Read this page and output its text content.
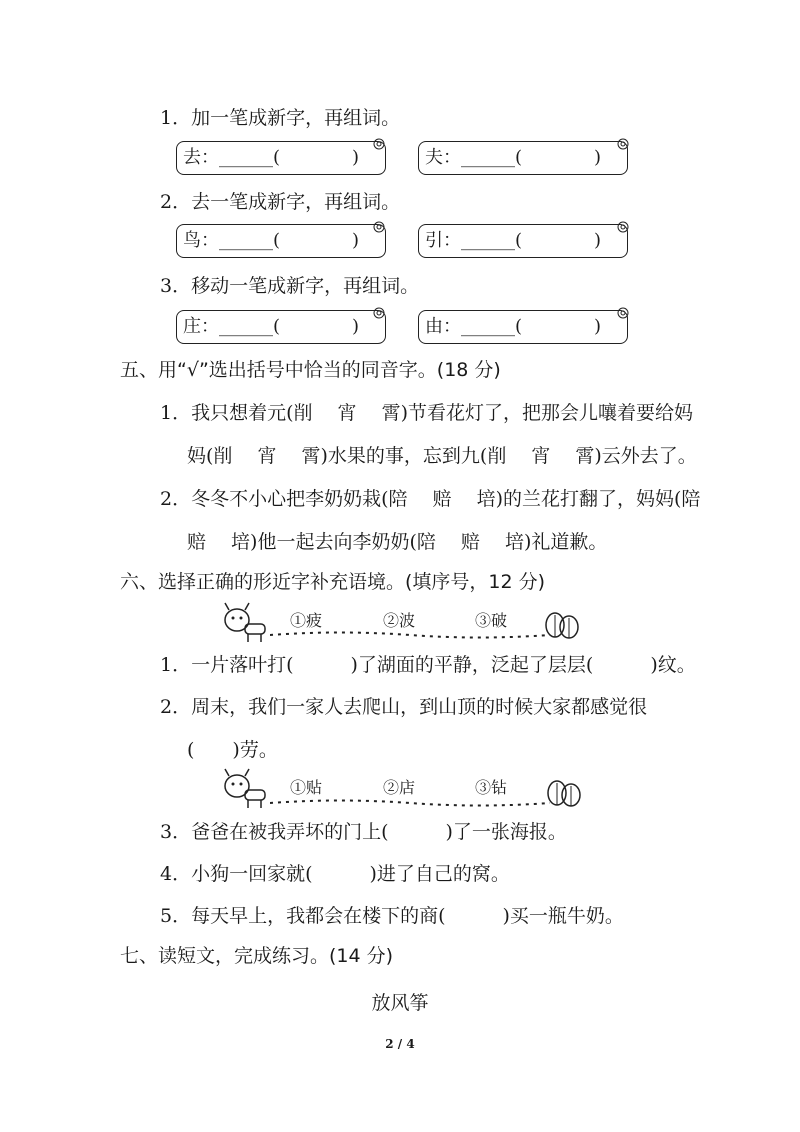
1．加一笔成新字，再组词。
去：______(　　　　)	夫：______(　　　　)
2．去一笔成新字，再组词。
鸟：______(　　　　)	引：______(　　　　)
3．移动一笔成新字，再组词。
庄：______(　　　　)	由：______(　　　　)
五、用“√”选出括号中恰当的同音字。(18 分)
1．我只想着元(削　 宵　 霄)节看花灯了，把那会儿嚷着要给妈
妈(削　 宵　 霄)水果的事，忘到九(削　 宵　 霄)云外去了。
2．冬冬不小心把李奶奶栽(陪　 赔　 培)的兰花打翻了，妈妈(陪
赔　 培)他一起去向李奶奶(陪　 赔　 培)礼道歉。
六、选择正确的形近字补充语境。(填序号，12 分)
①疲	②波	③破
1．一片落叶打(　　　)了湖面的平静，泛起了层层(　　　)纹。
2．周末，我们一家人去爬山，到山顶的时候大家都感觉很
(　　)劳。
①贴	②店	③钻
3．爸爸在被我弄坏的门上(　　　)了一张海报。
4．小狗一回家就(　　　)进了自己的窝。
5．每天早上，我都会在楼下的商(　　　)买一瓶牛奶。
七、读短文，完成练习。(14 分)
放风筝
2 / 4
